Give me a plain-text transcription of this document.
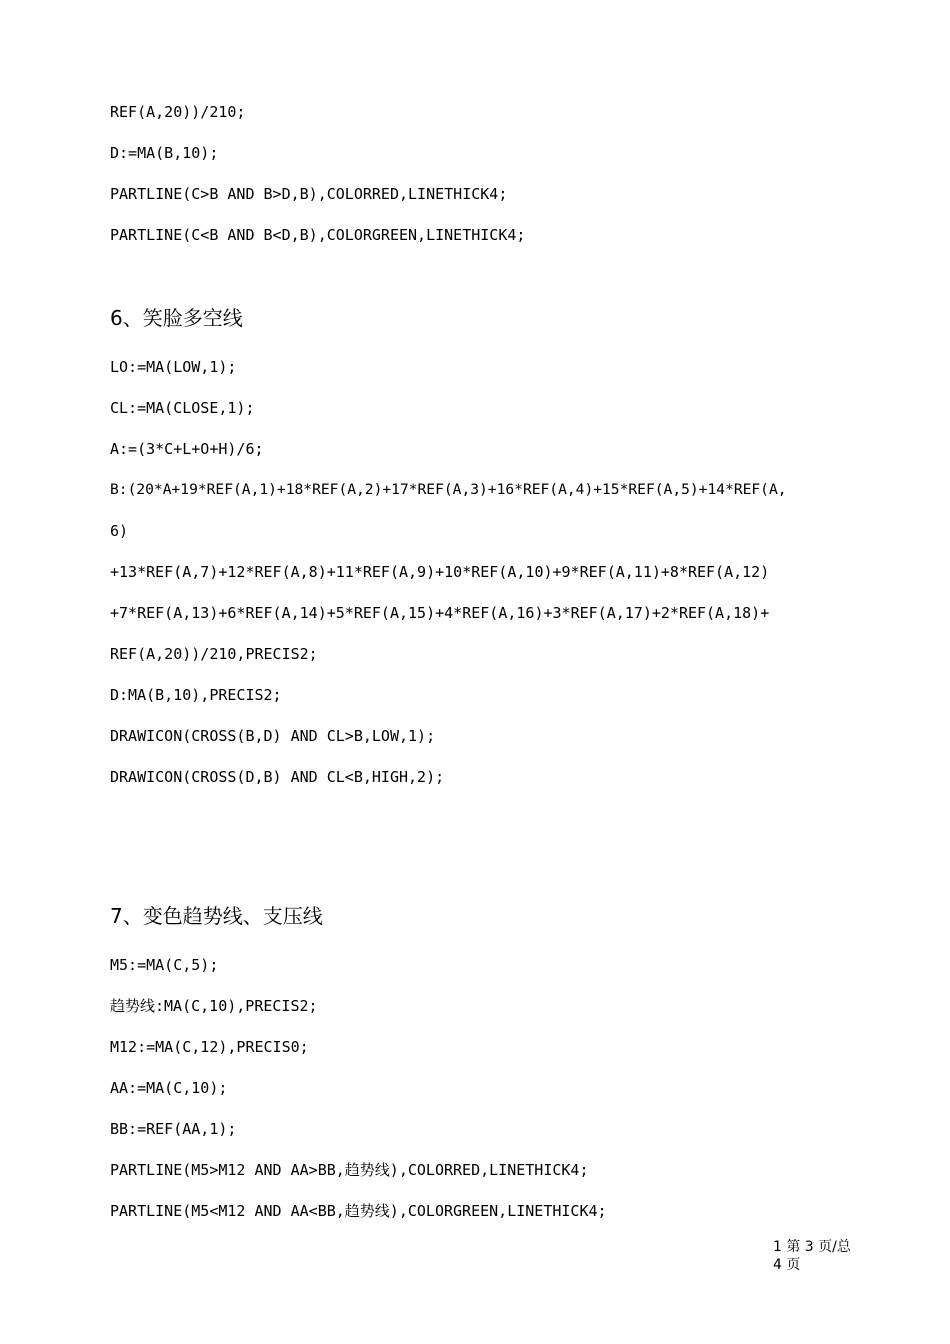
REF(A,20))/210;
D:=MA(B,10);
PARTLINE(C>B AND B>D,B),COLORRED,LINETHICK4;
PARTLINE(C<B AND B<D,B),COLORGREEN,LINETHICK4;
6、笑脸多空线
LO:=MA(LOW,1);
CL:=MA(CLOSE,1);
A:=(3*C+L+O+H)/6;
B:(20*A+19*REF(A,1)+18*REF(A,2)+17*REF(A,3)+16*REF(A,4)+15*REF(A,5)+14*REF(A,
6)
+13*REF(A,7)+12*REF(A,8)+11*REF(A,9)+10*REF(A,10)+9*REF(A,11)+8*REF(A,12)
+7*REF(A,13)+6*REF(A,14)+5*REF(A,15)+4*REF(A,16)+3*REF(A,17)+2*REF(A,18)+
REF(A,20))/210,PRECIS2;
D:MA(B,10),PRECIS2;
DRAWICON(CROSS(B,D) AND CL>B,LOW,1);
DRAWICON(CROSS(D,B) AND CL<B,HIGH,2);
7、变色趋势线、支压线
M5:=MA(C,5);
趋势线:MA(C,10),PRECIS2;
M12:=MA(C,12),PRECIS0;
AA:=MA(C,10);
BB:=REF(AA,1);
PARTLINE(M5>M12 AND AA>BB,趋势线),COLORRED,LINETHICK4;
PARTLINE(M5<M12 AND AA<BB,趋势线),COLORGREEN,LINETHICK4;
1 第 3 页/总
4 页
